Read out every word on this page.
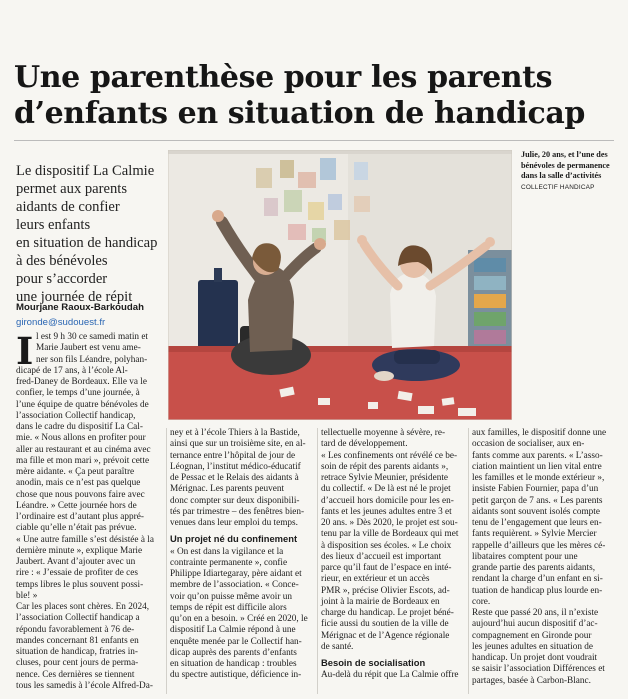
Une parenthèse pour les parents
d’enfants en situation de handicap
Le dispositif La Calmie
permet aux parents
aidants de confier
leurs enfants
en situation de handicap
à des bénévoles
pour s’accorder
une journée de répit
Mourjane Raoux-Barkoudah
gironde@sudouest.fr
Julie, 20 ans, et l’une des
bénévoles de permanence
dans la salle d’activités
COLLECTIF HANDICAP
I l est 9 h 30 ce samedi matin et
Marie Jaubert est venu ame-
ner son fils Léandre, polyhan-
dicapé de 17 ans, à l’école Al-
fred-Daney de Bordeaux. Elle va le
confier, le temps d’une journée, à
l’une équipe de quatre bénévoles de
l’association Collectif handicap,
dans le cadre du dispositif La Cal-
mie. « Nous allons en profiter pour
aller au restaurant et au cinéma avec
ma fille et mon mari », prévoit cette
mère aidante. « Ça peut paraître
anodin, mais ce n’est pas quelque
chose que nous pouvons faire avec
Léandre. » Cette journée hors de
l’ordinaire est d’autant plus appré-
ciable qu’elle n’était pas prévue.
« Une autre famille s’est désistée à la
dernière minute », explique Marie
Jaubert. Avant d’ajouter avec un
rire : « J’essaie de profiter de ces
temps libres le plus souvent possi-
ble! »
Car les places sont chères. En 2024,
l’association Collectif handicap a
répondu favorablement à 76 de-
mandes concernant 81 enfants en
situation de handicap, fratries in-
cluses, pour cent jours de perma-
nence. Ces dernières se tiennent
tous les samedis à l’école Alfred-Da-
ney et à l’école Thiers à la Bastide,
ainsi que sur un troisième site, en al-
ternance entre l’hôpital de jour de
Léognan, l’institut médico-éducatif
de Pessac et le Relais des aidants à
Mérignac. Les parents peuvent
donc compter sur deux disponibili-
tés par trimestre – des fenêtres bien-
venues dans leur emploi du temps.
Un projet né du confinement
« On est dans la vigilance et la
contrainte permanente », confie
Philippe Idiartegaray, père aidant et
membre de l’association. « Conce-
voir qu’on puisse même avoir un
temps de répit est difficile alors
qu’on en a besoin. » Créé en 2020, le
dispositif La Calmie répond à une
enquête menée par le Collectif han-
dicap auprès des parents d’enfants
en situation de handicap : troubles
du spectre autistique, déficience in-
tellectuelle moyenne à sévère, re-
tard de développement.
« Les confinements ont révélé ce be-
soin de répit des parents aidants »,
retrace Sylvie Meunier, présidente
du collectif. « De là est né le projet
d’accueil hors domicile pour les en-
fants et les jeunes adultes entre 3 et
20 ans. » Dès 2020, le projet est sou-
tenu par la ville de Bordeaux qui met
à disposition ses écoles. « Le choix
des lieux d’accueil est important
parce qu’il faut de l’espace en inté-
rieur, en extérieur et un accès
PMR », précise Olivier Escots, ad-
joint à la mairie de Bordeaux en
charge du handicap. Le projet béné-
ficie aussi du soutien de la ville de
Mérignac et de l’Agence régionale
de santé.
Besoin de socialisation
Au-delà du répit que La Calmie offre
aux familles, le dispositif donne une
occasion de socialiser, aux en-
fants comme aux parents. « L’asso-
ciation maintient un lien vital entre
les familles et le monde extérieur »,
insiste Fabien Fournier, papa d’un
petit garçon de 7 ans. « Les parents
aidants sont souvent isolés compte
tenu de l’engagement que leurs en-
fants requièrent. » Sylvie Mercier
rappelle d’ailleurs que les mères cé-
libataires comptent pour une
grande partie des parents aidants,
rendant la charge d’un enfant en si-
tuation de handicap plus lourde en-
core.
Reste que passé 20 ans, il n’existe
aujourd’hui aucun dispositif d’ac-
compagnement en Gironde pour
les jeunes adultes en situation de
handicap. Un projet dont voudrait
se saisir l’association Différences et
partages, basée à Carbon-Blanc.
